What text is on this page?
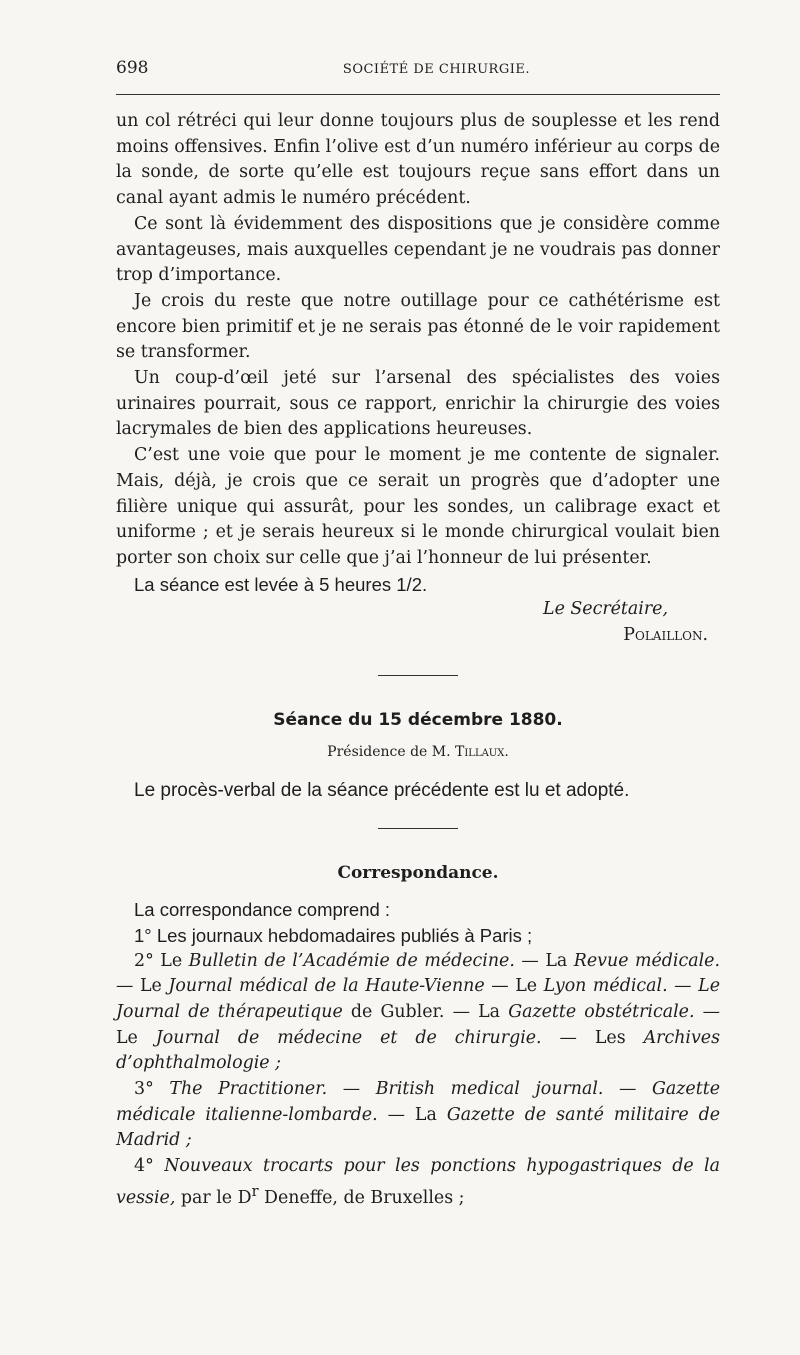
698	SOCIÉTÉ DE CHIRURGIE.

un col rétréci qui leur donne toujours plus de souplesse et les rend moins offensives. Enfin l’olive est d’un numéro inférieur au corps de la sonde, de sorte qu’elle est toujours reçue sans effort dans un canal ayant admis le numéro précédent.

Ce sont là évidemment des dispositions que je considère comme avantageuses, mais auxquelles cependant je ne voudrais pas donner trop d’importance.

Je crois du reste que notre outillage pour ce cathétérisme est encore bien primitif et je ne serais pas étonné de le voir rapidement se transformer.

Un coup-d’œil jeté sur l’arsenal des spécialistes des voies urinaires pourrait, sous ce rapport, enrichir la chirurgie des voies lacrymales de bien des applications heureuses.

C’est une voie que pour le moment je me contente de signaler. Mais, déjà, je crois que ce serait un progrès que d’adopter une filière unique qui assurât, pour les sondes, un calibrage exact et uniforme ; et je serais heureux si le monde chirurgical voulait bien porter son choix sur celle que j’ai l’honneur de lui présenter.

La séance est levée à 5 heures 1/2.

Le Secrétaire,
Polaillon.
Séance du 15 décembre 1880.
Présidence de M. Tillaux.
Le procès-verbal de la séance précédente est lu et adopté.
Correspondance.

La correspondance comprend :

1° Les journaux hebdomadaires publiés à Paris ;

2° Le Bulletin de l’Académie de médecine. — La Revue médicale. — Le Journal médical de la Haute-Vienne — Le Lyon médical. — Le Journal de thérapeutique de Gubler. — La Gazette obstétricale. — Le Journal de médecine et de chirurgie. — Les Archives d’ophthalmologie ;

3° The Practitioner. — British medical journal. — Gazette médicale italienne-lombarde. — La Gazette de santé militaire de Madrid ;

4° Nouveaux trocarts pour les ponctions hypogastriques de la vessie, par le $D^r$ Deneffe, de Bruxelles ;
